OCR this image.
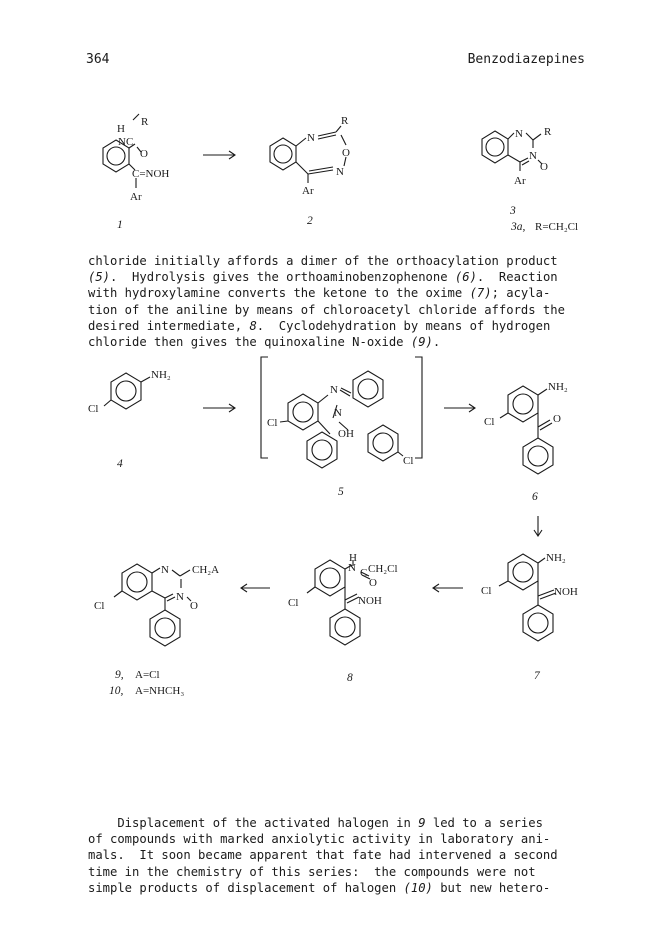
364	Benzodiazepines
H
R
NC
O
C=NOH
Ar
1
R
N
O
N
Ar
2
N R
N
O
Ar
3
3a, R=CH₂Cl
NH₂
Cl
4
Cl
N
N
OH
Cl
5
NH₂
Cl	O
6
NH₂
Cl	NOH
7
H
N C CH₂Cl
O
Cl	NOH
8
N CH₂A
N
O
Cl
9, A=Cl
10, A=NHCH₃

chloride initially affords a dimer of the orthoacylation product
(5).  Hydrolysis gives the orthoaminobenzophenone (6).  Reaction
with hydroxylamine converts the ketone to the oxime (7); acyla-
tion of the aniline by means of chloroacetyl chloride affords the
desired intermediate, 8.  Cyclodehydration by means of hydrogen
chloride then gives the quinoxaline N-oxide (9).

Displacement of the activated halogen in 9 led to a series
of compounds with marked anxiolytic activity in laboratory ani-
mals.  It soon became apparent that fate had intervened a second
time in the chemistry of this series:  the compounds were not
simple products of displacement of halogen (10) but new hetero-
